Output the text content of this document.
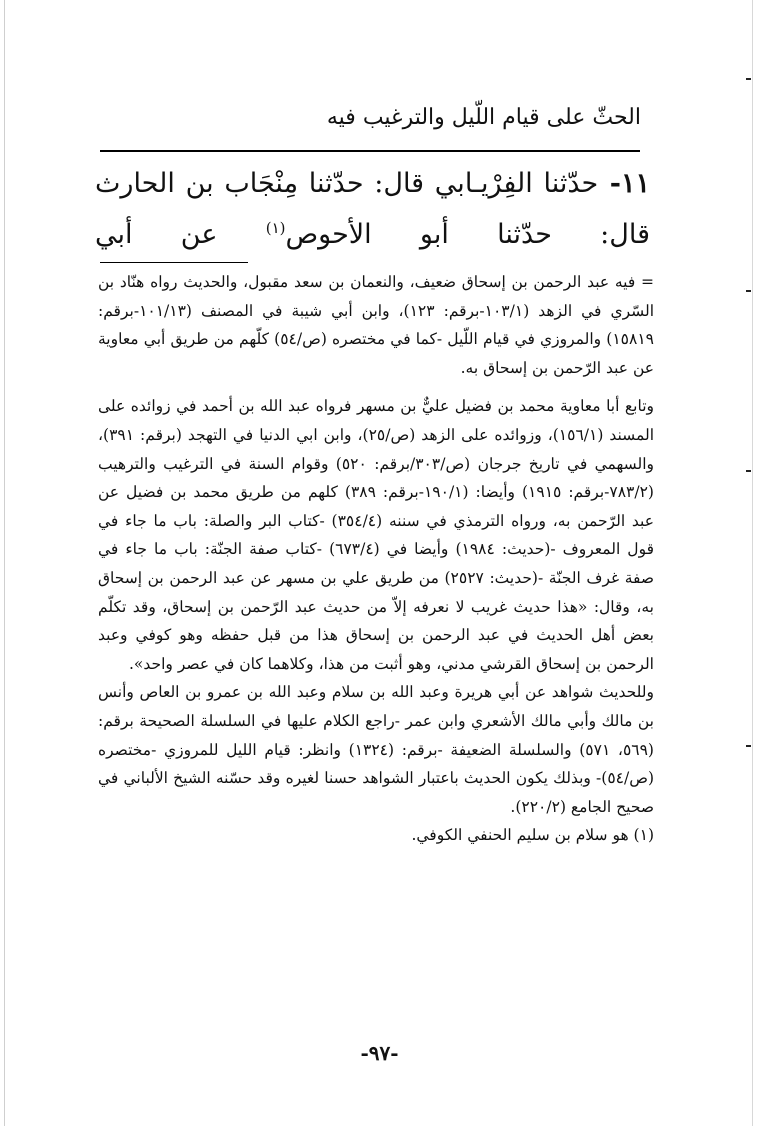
الحثّ على قيام اللّيل والترغيب فيه
١١- حدّثنا الفِرْيـابي قال: حدّثنا مِنْجَاب بن الحارث
قال: حدّثنا أبو الأحوص$^{(١)}$ عن أبي

= فيه عبد الرحمن بن إسحاق ضعيف، والنعمان بن سعد مقبول، والحديث رواه هنّاد بن السّري في الزهد (١٠٣/١-برقم: ١٢٣)، وابن أبي شيبة في المصنف (١٠١/١٣-برقم: ١٥٨١٩) والمروزي في قيام اللّيل -كما في مختصره (ص/٥٤) كلّهم من طريق أبي معاوية عن عبد الرّحمن بن إسحاق به.

وتابع أبا معاوية محمد بن فضيل عليٌّ بن مسهر فرواه عبد الله بن أحمد في زوائده على المسند (١٥٦/١)، وزوائده على الزهد (ص/٢٥)، وابن ابي الدنيا في التهجد (برقم: ٣٩١)، والسهمي في تاريخ جرجان (ص/٣٠٣/برقم: ٥٢٠) وقوام السنة في الترغيب والترهيب (٧٨٣/٢-برقم: ١٩١٥) وأيضا: (١٩٠/١-برقم: ٣٨٩) كلهم من طريق محمد بن فضيل عن عبد الرّحمن به، ورواه الترمذي في سننه (٣٥٤/٤) -كتاب البر والصلة: باب ما جاء في قول المعروف -(حديث: ١٩٨٤) وأيضا في (٦٧٣/٤) -كتاب صفة الجنّة: باب ما جاء في صفة غرف الجنّة -(حديث: ٢٥٢٧) من طريق علي بن مسهر عن عبد الرحمن بن إسحاق به، وقال: «هذا حديث غريب لا نعرفه إلاّ من حديث عبد الرّحمن بن إسحاق، وقد تكلّم بعض أهل الحديث في عبد الرحمن بن إسحاق هذا من قبل حفظه وهو كوفي وعبد الرحمن بن إسحاق القرشي مدني، وهو أثبت من هذا، وكلاهما كان في عصر واحد».

وللحديث شواهد عن أبي هريرة وعبد الله بن سلام وعبد الله بن عمرو بن العاص وأنس بن مالك وأبي مالك الأشعري وابن عمر -راجع الكلام عليها في السلسلة الصحيحة برقم: (٥٦٩، ٥٧١) والسلسلة الضعيفة -برقم: (١٣٢٤) وانظر: قيام الليل للمروزي -مختصره (ص/٥٤)- وبذلك يكون الحديث باعتبار الشواهد حسنا لغيره وقد حسّنه الشيخ الألباني في صحيح الجامع (٢٢٠/٢).

(١) هو سلام بن سليم الحنفي الكوفي.

-٩٧-
